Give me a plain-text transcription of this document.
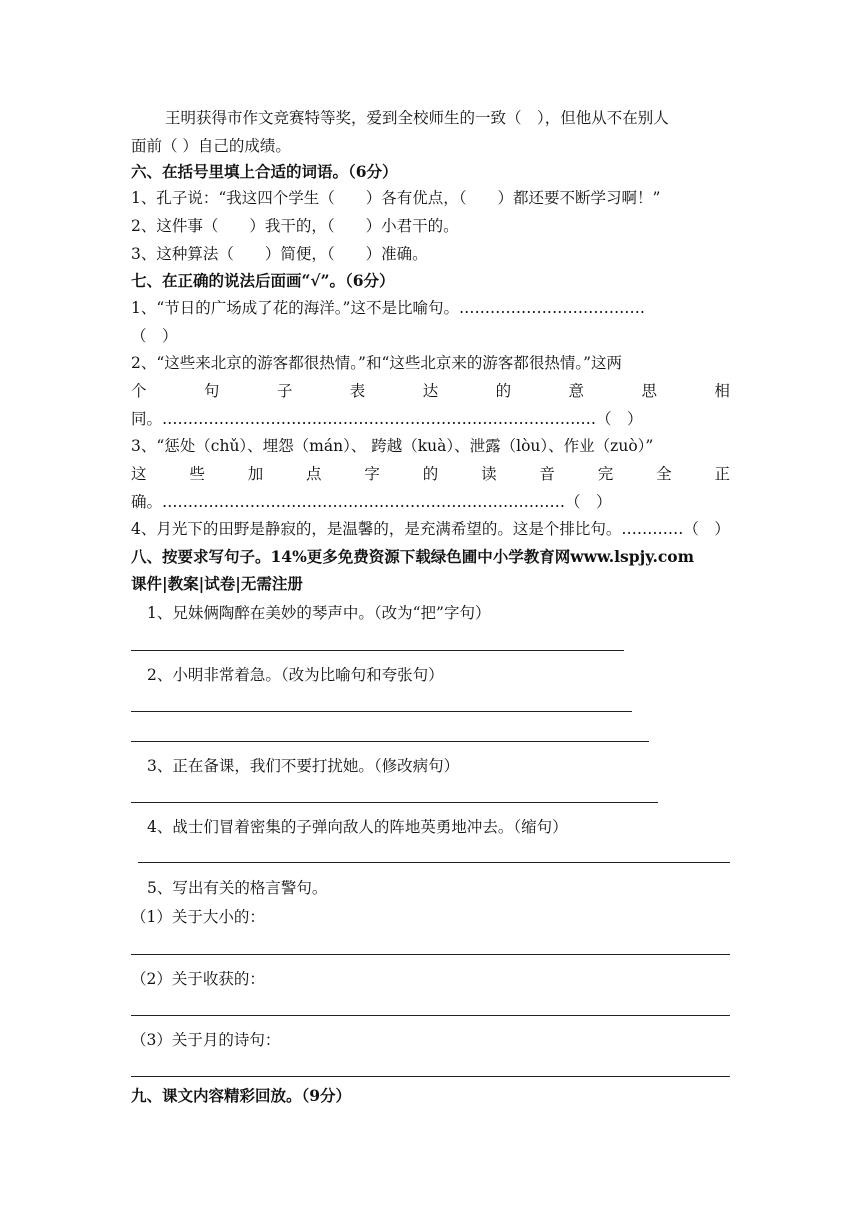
王明获得市作文竞赛特等奖，爱到全校师生的一致（　），但他从不在别人
面前（ ）自己的成绩。
六、在括号里填上合适的词语。（6分）
1、孔子说：“我这四个学生（　　）各有优点，（　　）都还要不断学习啊！”
2、这件事（　　）我干的，（　　）小君干的。
3、这种算法（　　）简便，（　　）准确。
七、在正确的说法后面画“√”。（6分）
1、“节日的广场成了花的海洋。”这不是比喻句。………………………………
（　）
2、“这些来北京的游客都很热情。”和“这些北京来的游客都很热情。”这两
个	句	子	表	达	的	意	思	相
同。…………………………………………………………………………（　）
3、“惩处（chǔ）、埋怨（mán）、 跨越（kuà）、泄露（lòu）、作业（zuò）”
这	些	加	点	字	的	读	音	完	全	正
确。……………………………………………………………………（　）
4、月光下的田野是静寂的，是温馨的，是充满希望的。这是个排比句。…………（　）
八、按要求写句子。14%更多免费资源下载绿色圃中小学教育网www.lspjy.com
课件|教案|试卷|无需注册
1、兄妹俩陶醉在美妙的琴声中。（改为“把”字句）
2、小明非常着急。（改为比喻句和夸张句）
3、正在备课，我们不要打扰她。（修改病句）
4、战士们冒着密集的子弹向敌人的阵地英勇地冲去。（缩句）
5、写出有关的格言警句。
（1）关于大小的：
（2）关于收获的：
（3）关于月的诗句：
九、课文内容精彩回放。（9分）
